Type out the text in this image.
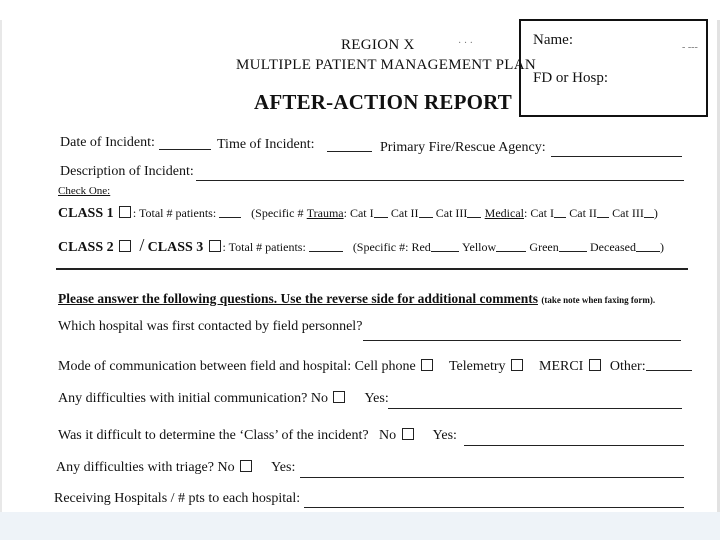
REGION X	· · ·
MULTIPLE PATIENT MANAGEMENT PLAN
AFTER-ACTION REPORT
Name:
FD or Hosp:
- ---
Date of Incident:	Time of Incident:	Primary Fire/Rescue Agency:
Description of Incident:
Check One:
CLASS 1 : Total # patients:	(Specific # Trauma: Cat I Cat II Cat III Medical: Cat I Cat II Cat III )
CLASS 2 / CLASS 3 : Total # patients:	(Specific #: Red	Yellow	Green	Deceased )
Please answer the following questions. Use the reverse side for additional comments (take note when faxing form).
Which hospital was first contacted by field personnel?
Mode of communication between field and hospital: Cell phone Telemetry MERCI Other:
Any difficulties with initial communication? No	Yes:
Was it difficult to determine the ‘Class’ of the incident? No	Yes:
Any difficulties with triage? No	Yes:
Receiving Hospitals / # pts to each hospital:
